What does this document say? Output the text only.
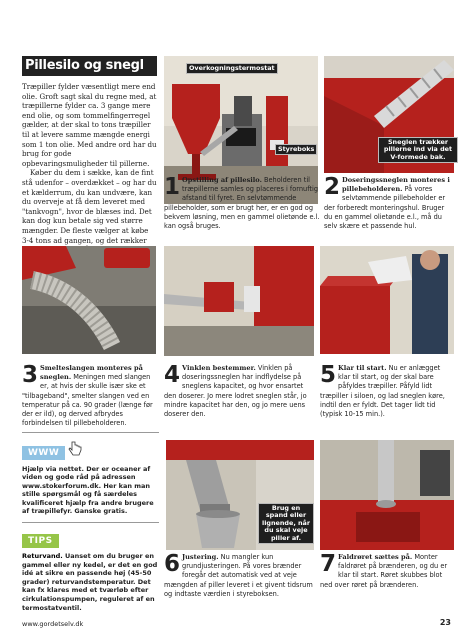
Pillesilo og snegl

Træpiller fylder væsentligt mere end olie. Groft sagt skal du regne med, at træpillerne fylder ca. 3 gange mere end olie, og som tommelfingerregel gælder, at der skal to tons træpiller til at levere samme mængde energi som 1 ton olie. Med andre ord har du brug for gode opbevaringsmuligheder til pillerne.

Køber du dem i sække, kan de fint stå udenfor – overdækket – og har du et kælderrum, du kan undvære, kan du overveje at få dem leveret med "tankvogn", hvor de blæses ind. Det kan dog kun betale sig ved større mængder. De fleste vælger at købe 3-4 tons ad gangen, og det rækker

Overkogningstermostat
Styreboks
Sneglen trækker pillerne ind via det V-formede bak.
1 Opstilling af pillesilo. Beholderen til træpillerne samles og placeres i fornuftig afstand til fyret. En selvtømmende pillebeholder, som er brugt her, er en god og bekvem løsning, men en gammel olietønde e.l. kan også bruges.
2 Doseringssneglen monteres i pillebeholderen. På vores selvtømmende pillebeholder er der forberedt monteringshul. Bruger du en gammel olietønde e.l., må du selv skære et passende hul.
3 Smelteslangen monteres på sneglen. Meningen med slangen er, at hvis der skulle især ske et "tilbageband", smelter slangen ved en temperatur på ca. 90 grader (længe før der er ild), og derved afbrydes forbindelsen til pillebeholderen.
4 Vinklen bestemmer. Vinklen på doseringssneglen har indflydelse på sneglens kapacitet, og hvor ensartet den doserer. Jo mere lodret sneglen står, jo mindre kapacitet har den, og jo mere uens doserer den.
5 Klar til start. Nu er anlægget klar til start, og der skal bare påfyldes træpiller. Påfyld lidt træpiller i siloen, og lad sneglen køre, indtil den er fyldt. Det tager lidt tid (typisk 10-15 min.).
WWW
Hjælp via nettet. Der er oceaner af viden og gode råd på adressen www.stokerforum.dk. Her kan man stille spørgsmål og få særdeles kvalificeret hjælp fra andre brugere af træpillefyr. Ganske gratis.
TIPS
Returvand. Uanset om du bruger en gammel eller ny kedel, er det en god idé at sikre en passende høj (45-50 grader) returvandstemperatur. Det kan fx klares med et tværløb efter cirkulationspumpen, reguleret af en termostatventil.
Brug en spand eller lignende, når du skal veje piller af.
6 Justering. Nu mangler kun grundjusteringen. På vores brænder foregår det automatisk ved at veje mængden af piller leveret i et givent tidsrum og indtaste værdien i styreboksen.
7 Faldrøret sættes på. Monter faldrøret på brænderen, og du er klar til start. Røret skubbes blot ned over røret på brænderen.
www.gordetselv.dk	23
